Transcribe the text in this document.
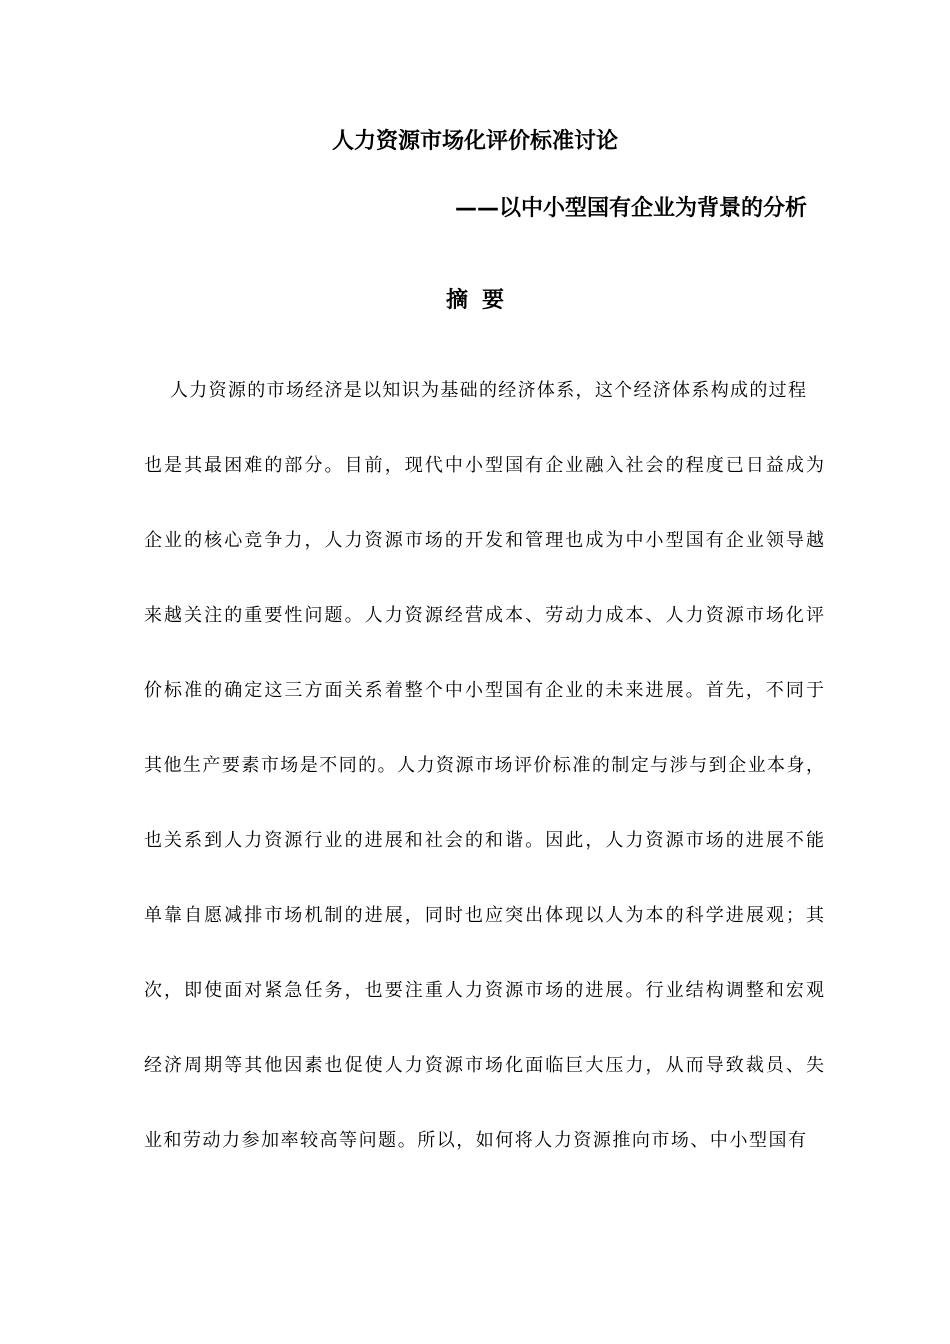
人力资源市场化评价标准讨论
——以中小型国有企业为背景的分析
摘要
人力资源的市场经济是以知识为基础的经济体系，这个经济体系构成的过程
也是其最困难的部分。目前，现代中小型国有企业融入社会的程度已日益成为
企业的核心竞争力，人力资源市场的开发和管理也成为中小型国有企业领导越
来越关注的重要性问题。人力资源经营成本、劳动力成本、人力资源市场化评
价标准的确定这三方面关系着整个中小型国有企业的未来进展。首先，不同于
其他生产要素市场是不同的。人力资源市场评价标准的制定与涉与到企业本身，
也关系到人力资源行业的进展和社会的和谐。因此，人力资源市场的进展不能
单靠自愿减排市场机制的进展，同时也应突出体现以人为本的科学进展观；其
次，即使面对紧急任务，也要注重人力资源市场的进展。行业结构调整和宏观
经济周期等其他因素也促使人力资源市场化面临巨大压力，从而导致裁员、失
业和劳动力参加率较高等问题。所以，如何将人力资源推向市场、中小型国有
